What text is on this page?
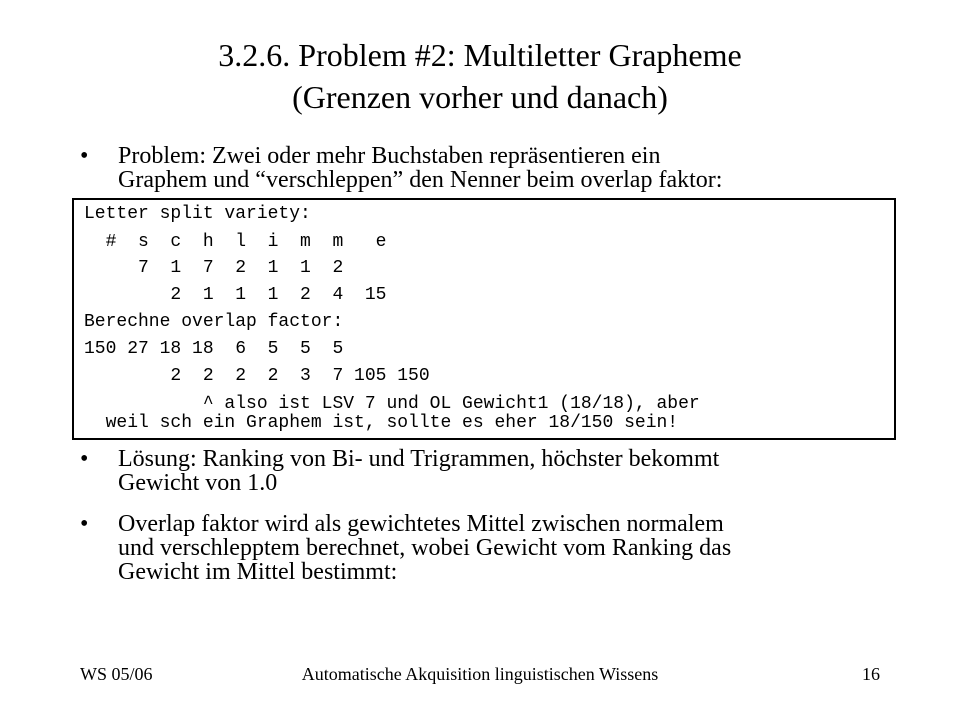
3.2.6. Problem #2: Multiletter Grapheme
(Grenzen vorher und danach)
• Problem: Zwei oder mehr Buchstaben repräsentieren ein
Graphem und “verschleppen” den Nenner beim overlap faktor:
Letter split variety:
#  s  c  h  l  i  m  m   e
7  1  7  2  1  1  2
2  1  1  1  2  4  15
Berechne overlap factor:
150 27 18 18  6  5  5  5
2  2  2  2  3  7 105 150
^ also ist LSV 7 und OL Gewicht1 (18/18), aber
weil sch ein Graphem ist, sollte es eher 18/150 sein!
• Lösung: Ranking von Bi- und Trigrammen, höchster bekommt
Gewicht von 1.0
• Overlap faktor wird als gewichtetes Mittel zwischen normalem
und verschlepptem berechnet, wobei Gewicht vom Ranking das
Gewicht im Mittel bestimmt:
WS 05/06	Automatische Akquisition linguistischen Wissens	16
